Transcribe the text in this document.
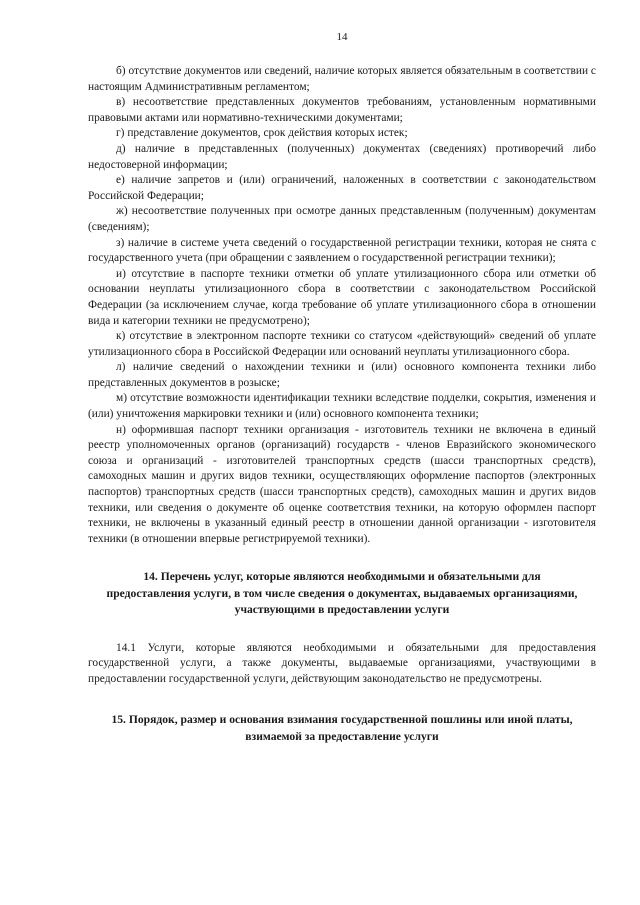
14

б) отсутствие документов или сведений, наличие которых является обязательным в соответствии с настоящим Административным регламентом;

в) несоответствие представленных документов требованиям, установленным нормативными правовыми актами или нормативно-техническими документами;

г) представление документов, срок действия которых истек;

д) наличие в представленных (полученных) документах (сведениях) противоречий либо недостоверной информации;

е) наличие запретов и (или) ограничений, наложенных в соответствии с законодательством Российской Федерации;

ж) несоответствие полученных при осмотре данных представленным (полученным) документам (сведениям);

з) наличие в системе учета сведений о государственной регистрации техники, которая не снята с государственного учета (при обращении с заявлением о государственной регистрации техники);

и) отсутствие в паспорте техники отметки об уплате утилизационного сбора или отметки об основании неуплаты утилизационного сбора в соответствии с законодательством Российской Федерации (за исключением случае, когда требование об уплате утилизационного сбора в отношении вида и категории техники не предусмотрено);

к) отсутствие в электронном паспорте техники со статусом «действующий» сведений об уплате утилизационного сбора в Российской Федерации или оснований неуплаты утилизационного сбора.

л) наличие сведений о нахождении техники и (или) основного компонента техники либо представленных документов в розыске;

м) отсутствие возможности идентификации техники вследствие подделки, сокрытия, изменения и (или) уничтожения маркировки техники и (или) основного компонента техники;

н) оформившая паспорт техники организация - изготовитель техники не включена в единый реестр уполномоченных органов (организаций) государств - членов Евразийского экономического союза и организаций - изготовителей транспортных средств (шасси транспортных средств), самоходных машин и других видов техники, осуществляющих оформление паспортов (электронных паспортов) транспортных средств (шасси транспортных средств), самоходных машин и других видов техники, или сведения о документе об оценке соответствия техники, на которую оформлен паспорт техники, не включены в указанный единый реестр в отношении данной организации - изготовителя техники (в отношении впервые регистрируемой техники).

14. Перечень услуг, которые являются необходимыми и обязательными для предоставления услуги, в том числе сведения о документах, выдаваемых организациями, участвующими в предоставлении услуги

14.1 Услуги, которые являются необходимыми и обязательными для предоставления государственной услуги, а также документы, выдаваемые организациями, участвующими в предоставлении государственной услуги, действующим законодательство не предусмотрены.

15. Порядок, размер и основания взимания государственной пошлины или иной платы, взимаемой за предоставление услуги
